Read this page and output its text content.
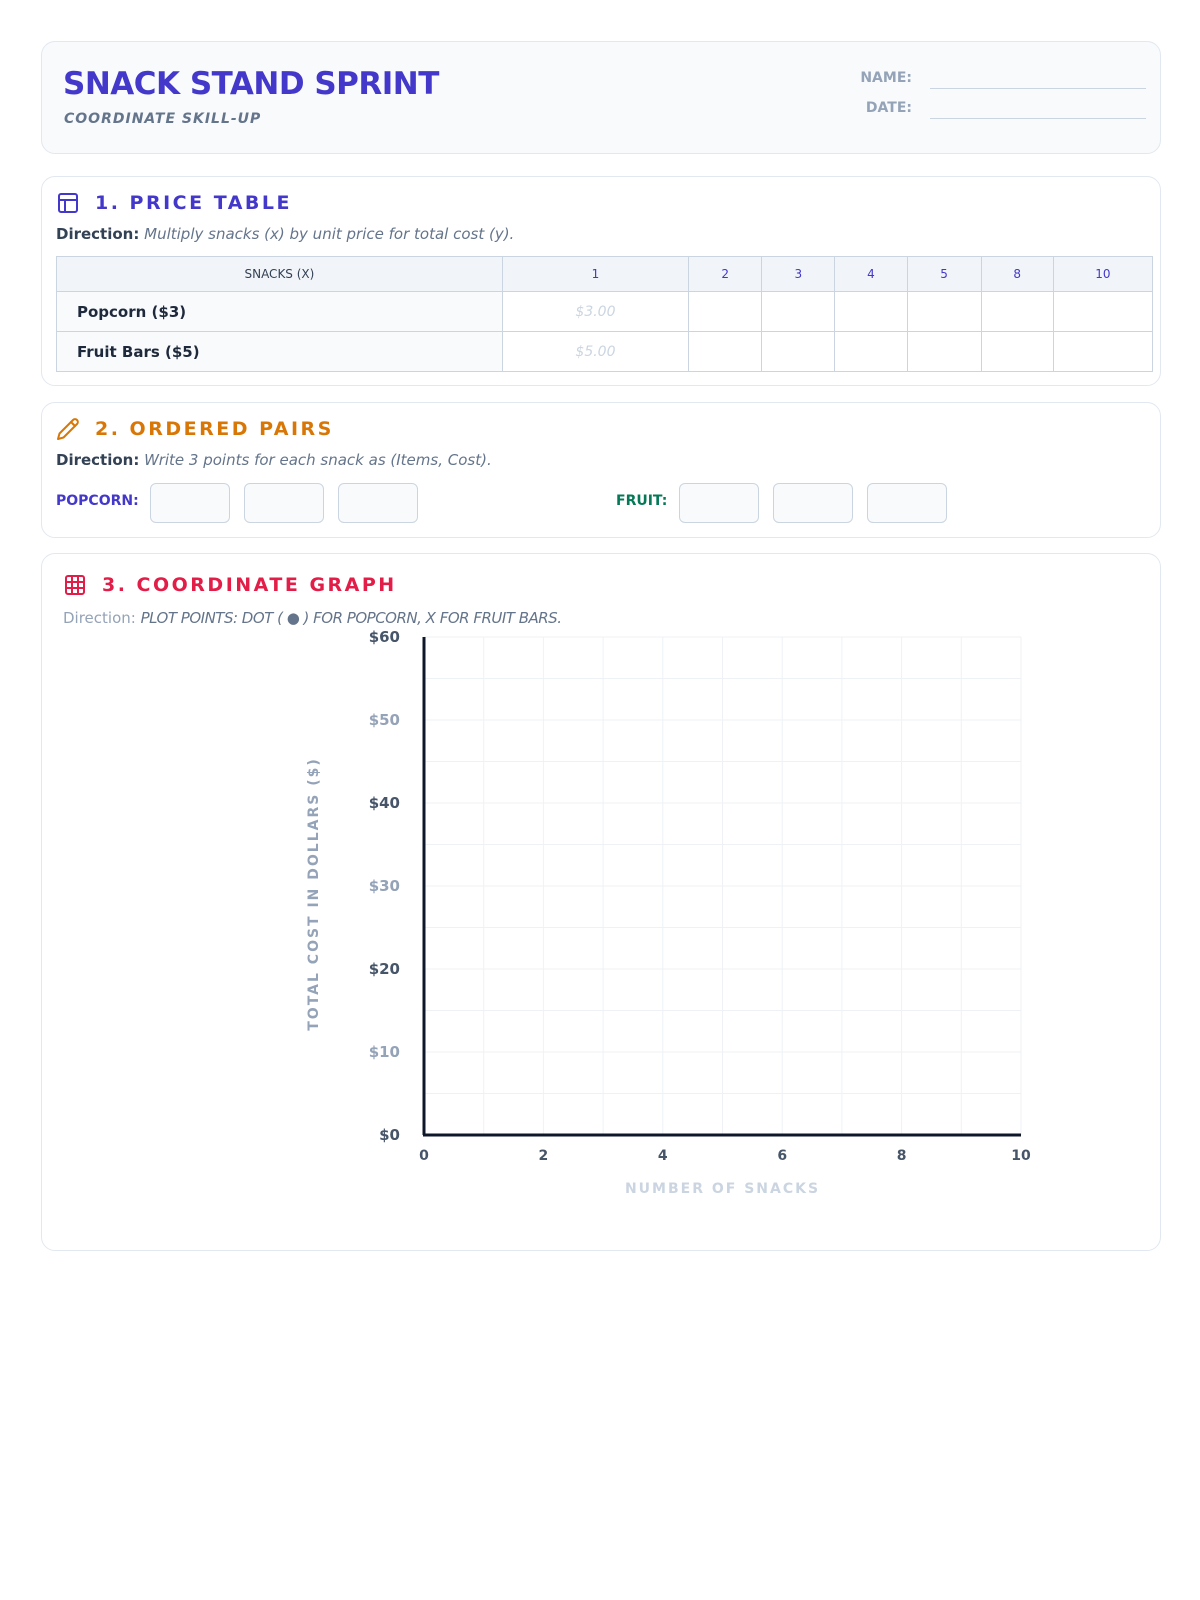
SNACK STAND SPRINT
COORDINATE SKILL-UP
NAME:
DATE:
1. PRICE TABLE
Direction: Multiply snacks (x) by unit price for total cost (y).
SNACKS (X)	1	2	3	4	5	8	10
Popcorn ($3)	$3.00						
Fruit Bars ($5)	$5.00						
2. ORDERED PAIRS
Direction: Write 3 points for each snack as (Items, Cost).
POPCORN:	FRUIT:
3. COORDINATE GRAPH
Direction: PLOT POINTS: DOT ( ● ) FOR POPCORN, X FOR FRUIT BARS.
0	2	4	6	8	10
$0
$10
$20
$30
$40
$50
$60
NUMBER OF SNACKS
TOTAL COST IN DOLLARS ($)
